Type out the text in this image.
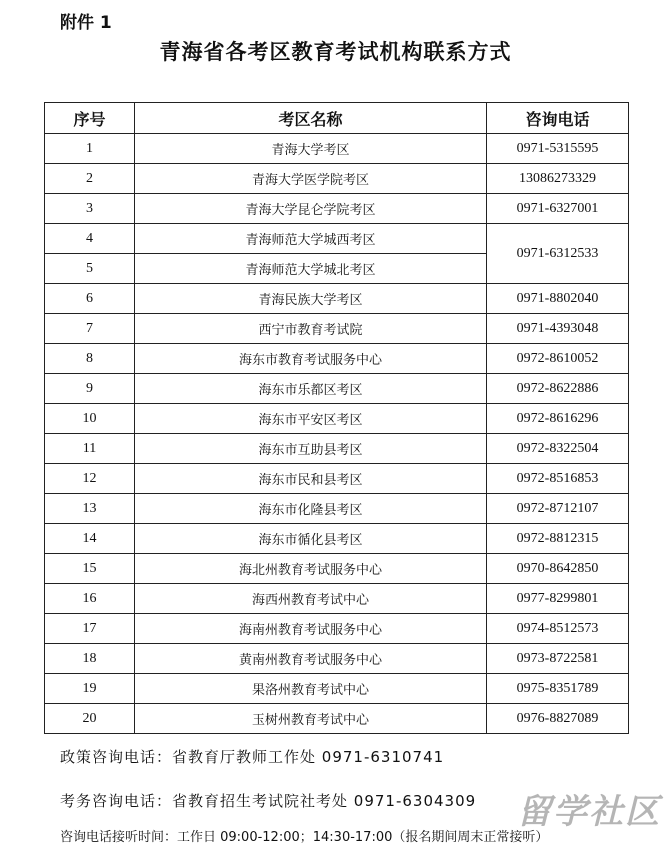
附件 1
青海省各考区教育考试机构联系方式
序号	考区名称	咨询电话
1	青海大学考区	0971-5315595
2	青海大学医学院考区	13086273329
3	青海大学昆仑学院考区	0971-6327001
4	青海师范大学城西考区	0971-6312533
5	青海师范大学城北考区	
6	青海民族大学考区	0971-8802040
7	西宁市教育考试院	0971-4393048
8	海东市教育考试服务中心	0972-8610052
9	海东市乐都区考区	0972-8622886
10	海东市平安区考区	0972-8616296
11	海东市互助县考区	0972-8322504
12	海东市民和县考区	0972-8516853
13	海东市化隆县考区	0972-8712107
14	海东市循化县考区	0972-8812315
15	海北州教育考试服务中心	0970-8642850
16	海西州教育考试中心	0977-8299801
17	海南州教育考试服务中心	0974-8512573
18	黄南州教育考试服务中心	0973-8722581
19	果洛州教育考试中心	0975-8351789
20	玉树州教育考试中心	0976-8827089
政策咨询电话：省教育厅教师工作处 0971-6310741
考务咨询电话：省教育招生考试院社考处 0971-6304309
咨询电话接听时间：工作日 09:00-12:00；14:30-17:00（报名期间周末正常接听）
留学社区
